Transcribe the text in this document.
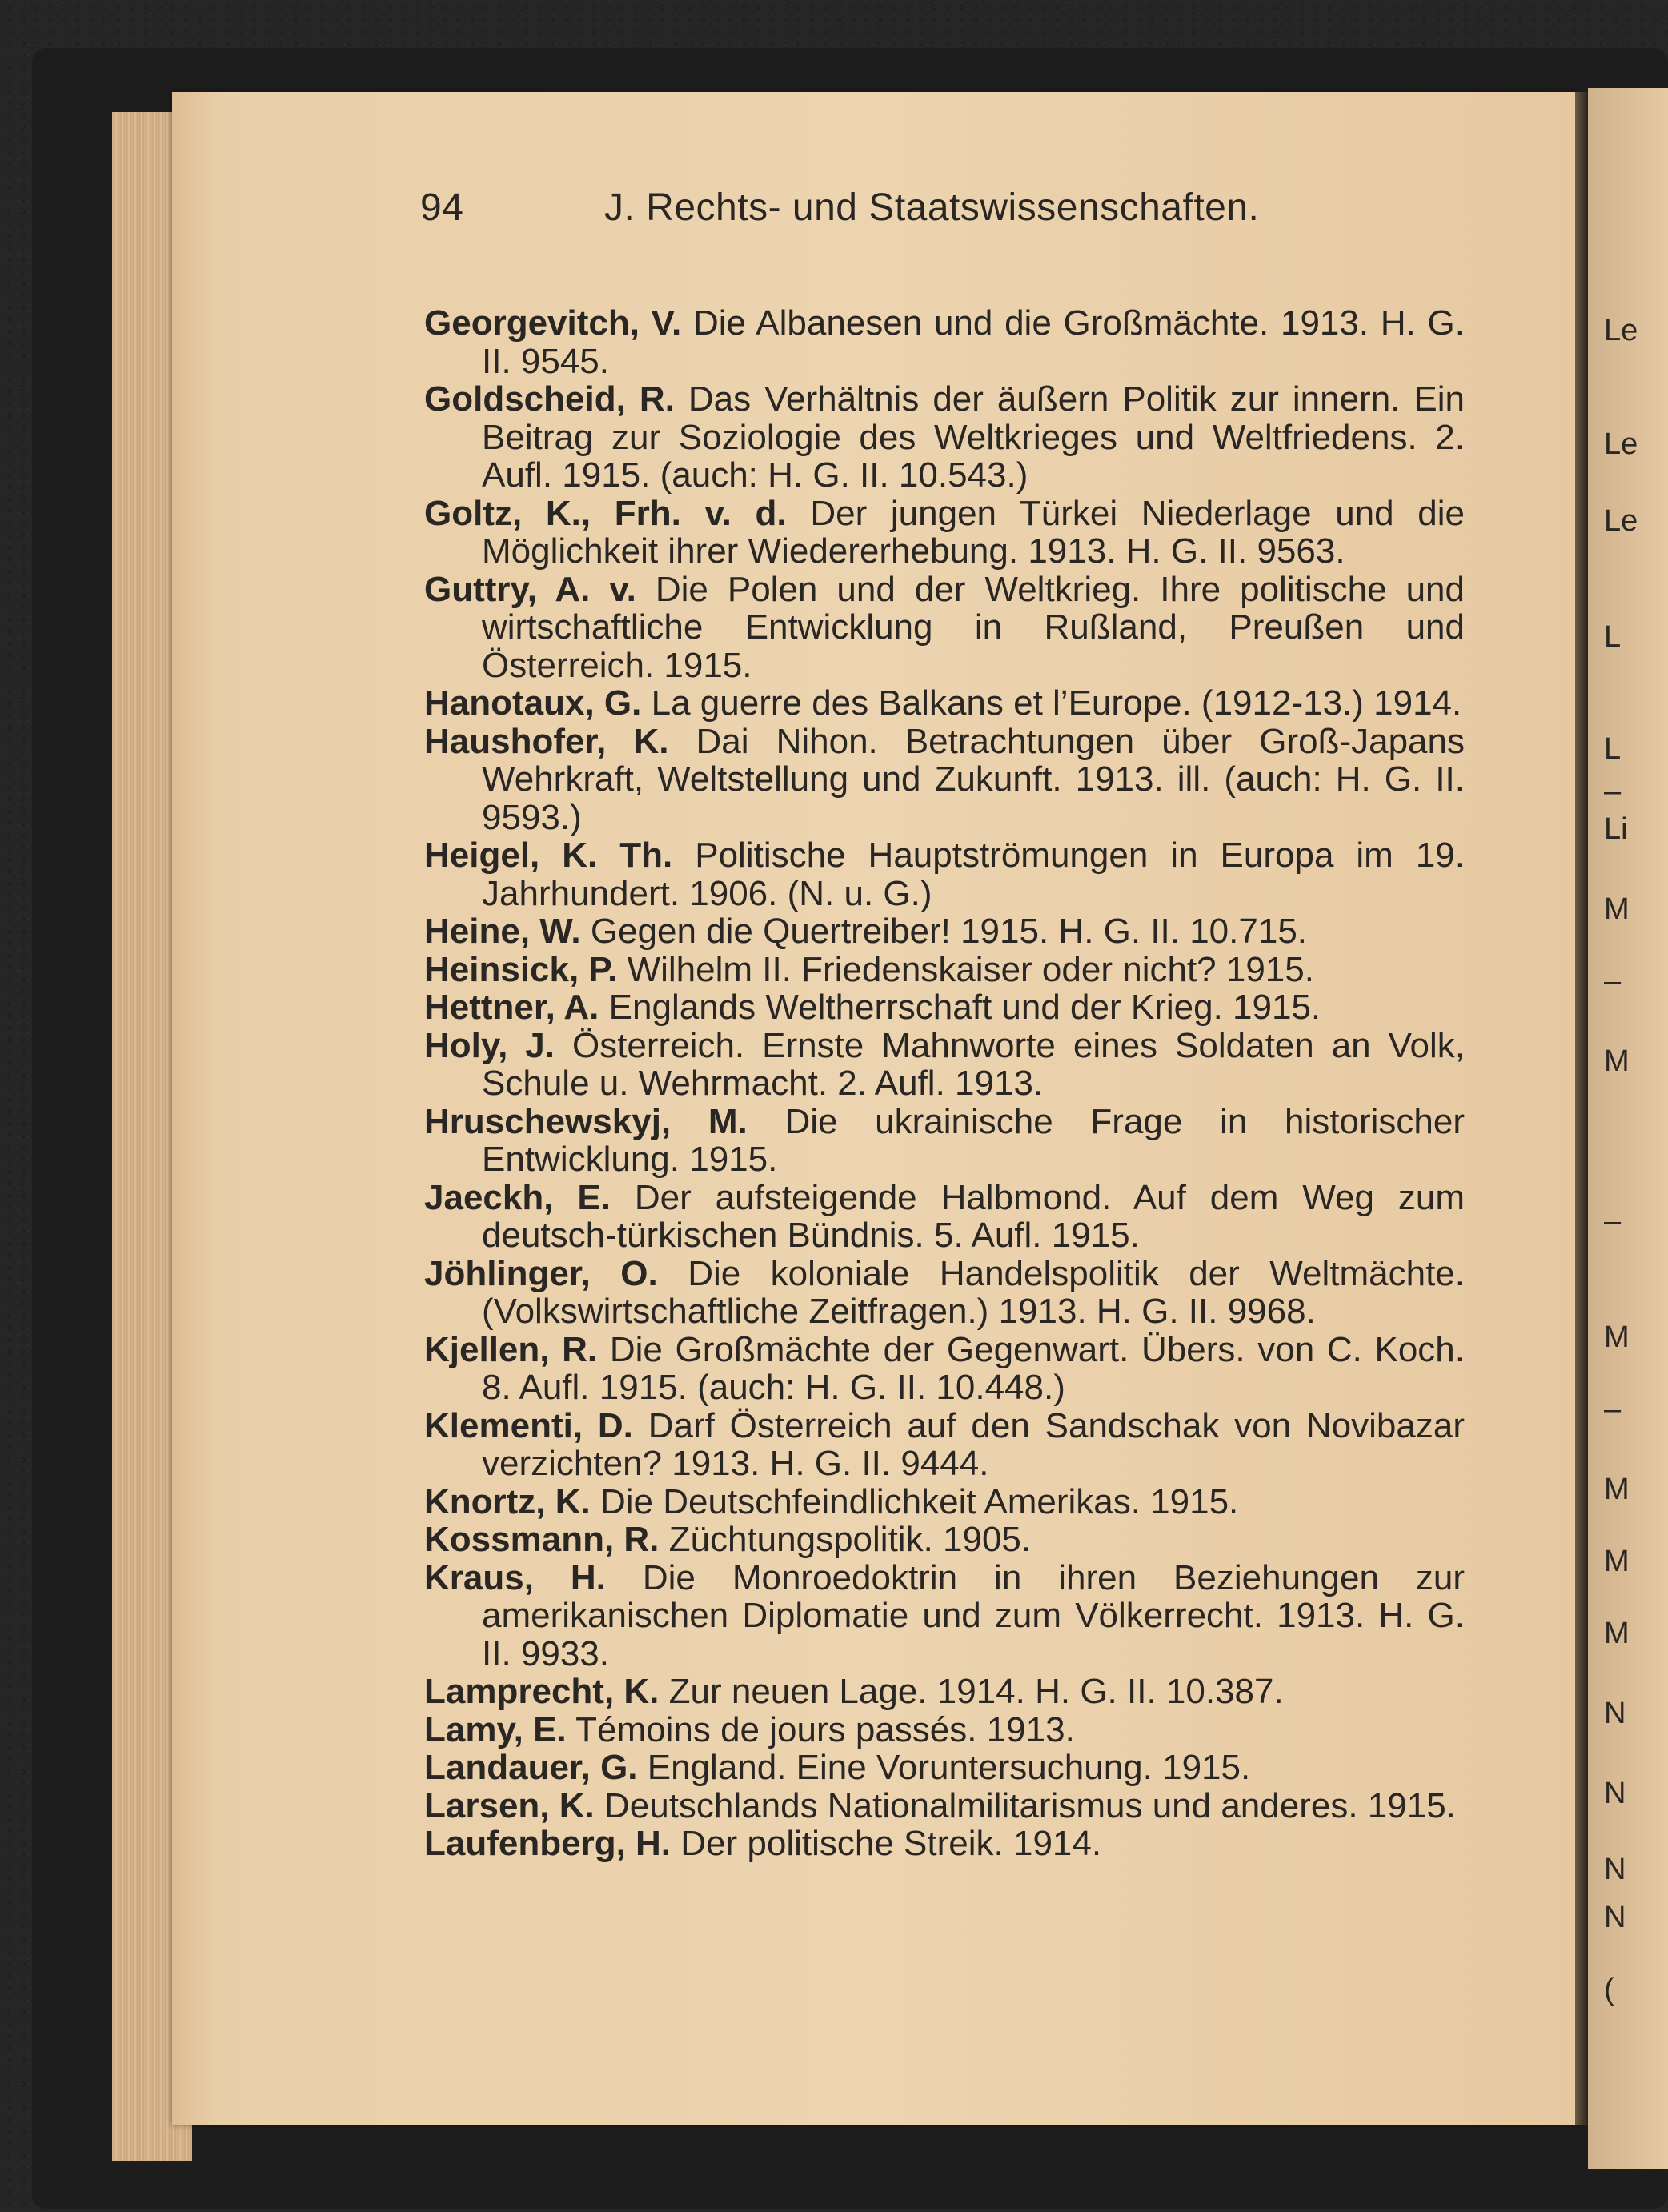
Le
Le
Le
L
L
–
Li
M
–
M
–
M
–
M
M
M
N
N
N
N
(
94	J. Rechts- und Staatswissenschaften.

Georgevitch, V. Die Albanesen und die Großmächte. 1913. H. G. II. 9545.

Goldscheid, R. Das Verhältnis der äußern Politik zur innern. Ein Beitrag zur Soziologie des Weltkrieges und Weltfriedens. 2. Aufl. 1915. (auch: H. G. II. 10.543.)

Goltz, K., Frh. v. d. Der jungen Türkei Niederlage und die Möglichkeit ihrer Wiedererhebung. 1913. H. G. II. 9563.

Guttry, A. v. Die Polen und der Weltkrieg. Ihre politische und wirtschaftliche Entwicklung in Rußland, Preußen und Österreich. 1915.

Hanotaux, G. La guerre des Balkans et l’Europe. (1912-13.) 1914.

Haushofer, K. Dai Nihon. Betrachtungen über Groß-Japans Wehrkraft, Weltstellung und Zukunft. 1913. ill. (auch: H. G. II. 9593.)

Heigel, K. Th. Politische Hauptströmungen in Europa im 19. Jahrhundert. 1906. (N. u. G.)

Heine, W. Gegen die Quertreiber! 1915. H. G. II. 10.715.

Heinsick, P. Wilhelm II. Friedenskaiser oder nicht? 1915.

Hettner, A. Englands Weltherrschaft und der Krieg. 1915.

Holy, J. Österreich. Ernste Mahnworte eines Soldaten an Volk, Schule u. Wehrmacht. 2. Aufl. 1913.

Hruschewskyj, M. Die ukrainische Frage in historischer Entwicklung. 1915.

Jaeckh, E. Der aufsteigende Halbmond. Auf dem Weg zum deutsch-türkischen Bündnis. 5. Aufl. 1915.

Jöhlinger, O. Die koloniale Handelspolitik der Weltmächte. (Volkswirtschaftliche Zeitfragen.) 1913. H. G. II. 9968.

Kjellen, R. Die Großmächte der Gegenwart. Übers. von C. Koch. 8. Aufl. 1915. (auch: H. G. II. 10.448.)

Klementi, D. Darf Österreich auf den Sandschak von Novibazar verzichten? 1913. H. G. II. 9444.

Knortz, K. Die Deutschfeindlichkeit Amerikas. 1915.

Kossmann, R. Züchtungspolitik. 1905.

Kraus, H. Die Monroedoktrin in ihren Beziehungen zur amerikanischen Diplomatie und zum Völkerrecht. 1913. H. G. II. 9933.

Lamprecht, K. Zur neuen Lage. 1914. H. G. II. 10.387.

Lamy, E. Témoins de jours passés. 1913.

Landauer, G. England. Eine Voruntersuchung. 1915.

Larsen, K. Deutschlands Nationalmilitarismus und anderes. 1915.

Laufenberg, H. Der politische Streik. 1914.
